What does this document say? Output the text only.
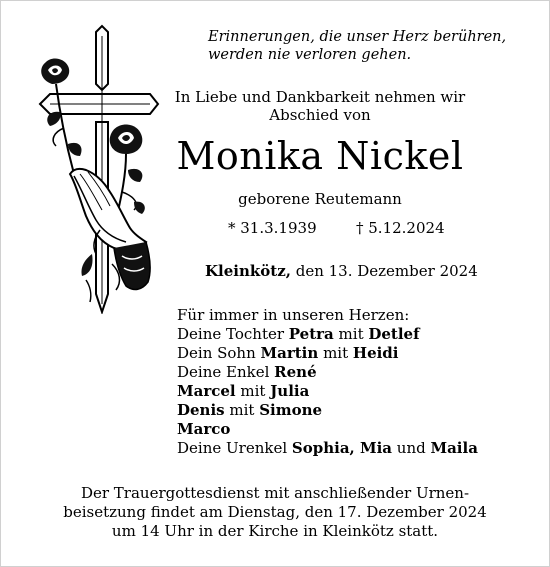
Erinnerungen, die unser Herz berühren,
werden nie verloren gehen.
In Liebe und Dankbarkeit nehmen wir
Abschied von
Monika Nickel
geborene Reutemann
* 31.3.1939	† 5.12.2024
Kleinkötz, den 13. Dezember 2024
Für immer in unseren Herzen:
Deine Tochter Petra mit Detlef
Dein Sohn Martin mit Heidi
Deine Enkel René
Marcel mit Julia
Denis mit Simone
Marco
Deine Urenkel Sophia, Mia und Maila
Der Trauergottesdienst mit anschließender Urnen-
beisetzung findet am Dienstag, den 17. Dezember 2024
um 14 Uhr in der Kirche in Kleinkötz statt.
